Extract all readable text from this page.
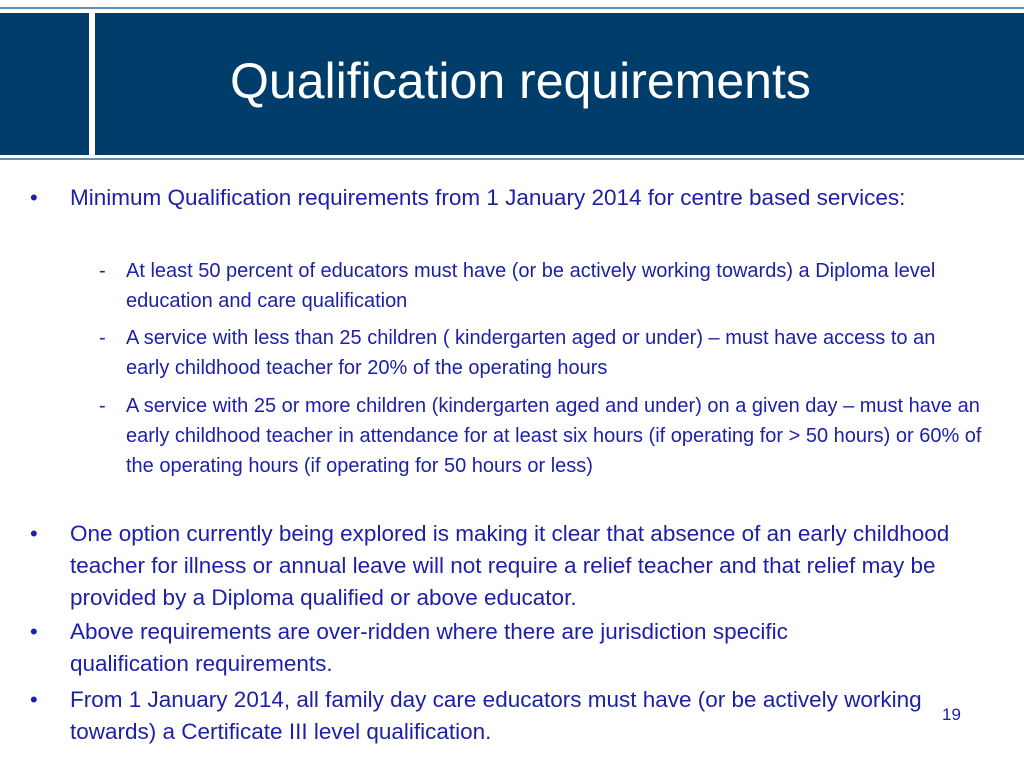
Qualification requirements
• Minimum Qualification requirements from 1 January 2014 for centre based services:
- At least 50 percent of educators must have (or be actively working towards) a Diploma level education and care qualification
- A service with less than 25 children ( kindergarten aged or under) – must have access to an early childhood teacher for 20% of the operating hours
- A service with 25 or more children (kindergarten aged and under) on a given day – must have an early childhood teacher in attendance for at least six hours (if operating for > 50 hours) or 60% of the operating hours (if operating for 50 hours or less)
• One option currently being explored is making it clear that absence of an early childhood teacher for illness or annual leave will not require a relief teacher and that relief may be provided by a Diploma qualified or above educator.
• Above requirements are over-ridden where there are jurisdiction specific qualification requirements.
• From 1 January 2014, all family day care educators must have (or be actively working towards) a Certificate III level qualification.
19
